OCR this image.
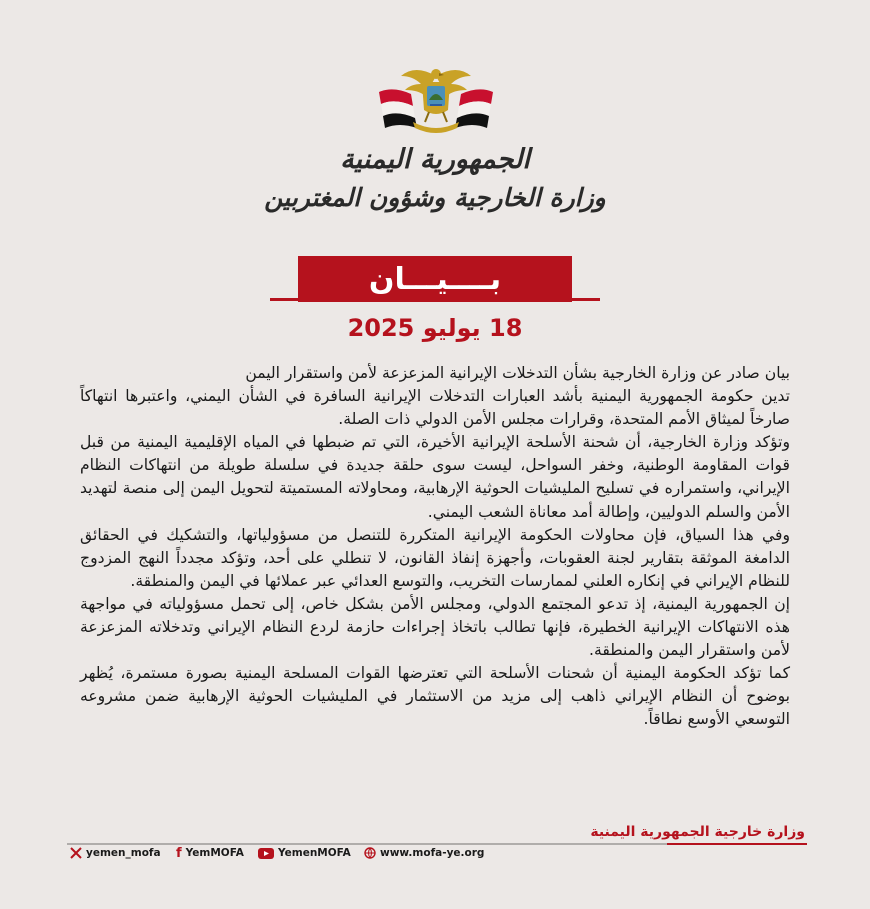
الجمهورية اليمنية
وزارة الخارجية وشؤون المغتربين
بــــيـــان
18 يوليو 2025

بيان صادر عن وزارة الخارجية بشأن التدخلات الإيرانية المزعزعة لأمن واستقرار اليمن

تدين حكومة الجمهورية اليمنية بأشد العبارات التدخلات الإيرانية السافرة في الشأن اليمني، واعتبرها انتهاكاً صارخاً لميثاق الأمم المتحدة، وقرارات مجلس الأمن الدولي ذات الصلة.

وتؤكد وزارة الخارجية، أن شحنة الأسلحة الإيرانية الأخيرة، التي تم ضبطها في المياه الإقليمية اليمنية من قبل قوات المقاومة الوطنية، وخفر السواحل، ليست سوى حلقة جديدة في سلسلة طويلة من انتهاكات النظام الإيراني، واستمراره في تسليح المليشيات الحوثية الإرهابية، ومحاولاته المستميتة لتحويل اليمن إلى منصة لتهديد الأمن والسلم الدوليين، وإطالة أمد معاناة الشعب اليمني.

وفي هذا السياق، فإن محاولات الحكومة الإيرانية المتكررة للتنصل من مسؤولياتها، والتشكيك في الحقائق الدامغة الموثقة بتقارير لجنة العقوبات، وأجهزة إنفاذ القانون، لا تنطلي على أحد، وتؤكد مجدداً النهج المزدوج للنظام الإيراني في إنكاره العلني لممارسات التخريب، والتوسع العدائي عبر عملائها في اليمن والمنطقة.

إن الجمهورية اليمنية، إذ تدعو المجتمع الدولي، ومجلس الأمن بشكل خاص، إلى تحمل مسؤولياته في مواجهة هذه الانتهاكات الإيرانية الخطيرة، فإنها تطالب باتخاذ إجراءات حازمة لردع النظام الإيراني وتدخلاته المزعزعة لأمن واستقرار اليمن والمنطقة.

كما تؤكد الحكومة اليمنية أن شحنات الأسلحة التي تعترضها القوات المسلحة اليمنية بصورة مستمرة، يُظهر بوضوح أن النظام الإيراني ذاهب إلى مزيد من الاستثمار في المليشيات الحوثية الإرهابية ضمن مشروعه التوسعي الأوسع نطاقاً.

وزارة خارجية الجمهورية اليمنية
yemen_mofa f YemMOFA	YemenMOFA	www.mofa-ye.org
